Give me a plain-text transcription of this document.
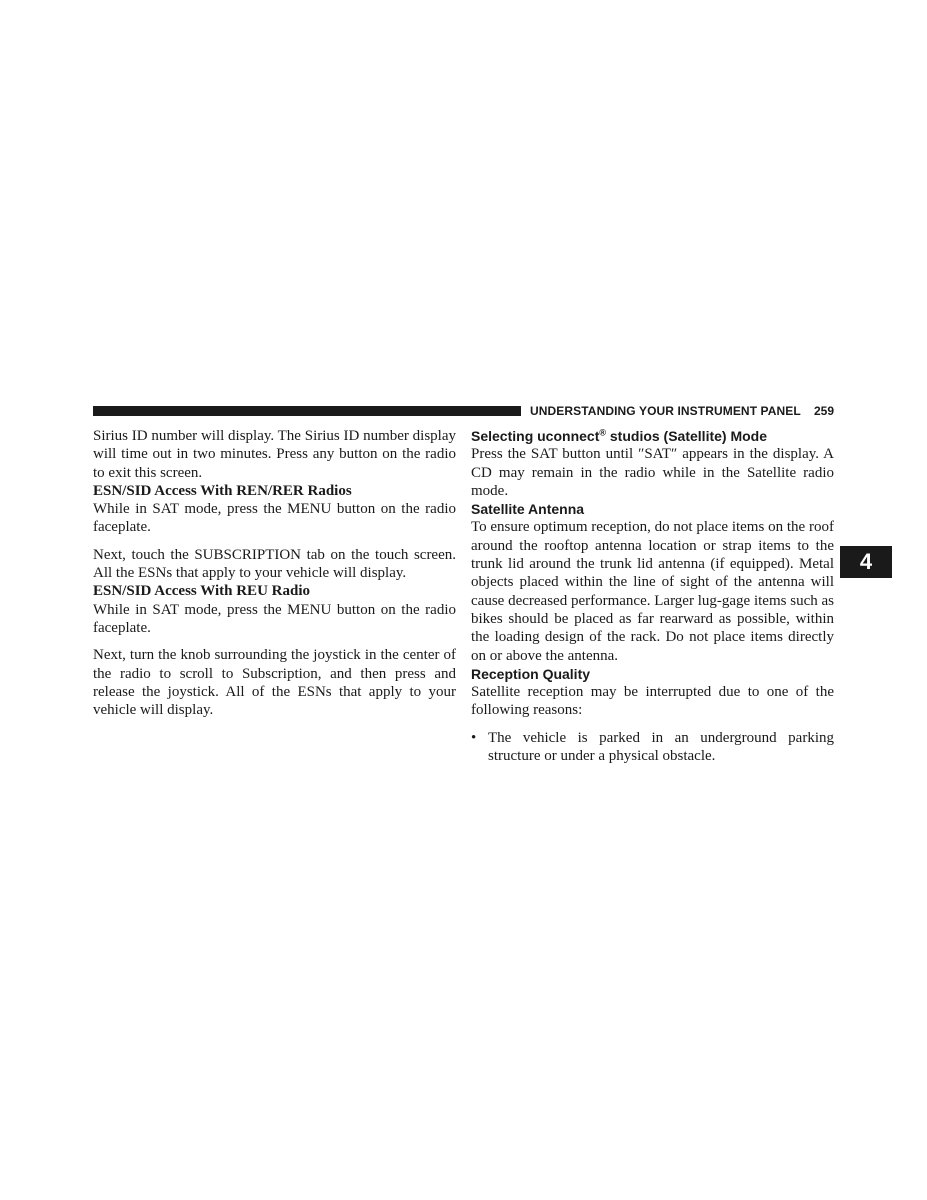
UNDERSTANDING YOUR INSTRUMENT PANEL 259
4

Sirius ID number will display. The Sirius ID number display will time out in two minutes. Press any button on the radio to exit this screen.

ESN/SID Access With REN/RER Radios

While in SAT mode, press the MENU button on the radio faceplate.

Next, touch the SUBSCRIPTION tab on the touch screen. All the ESNs that apply to your vehicle will display.

ESN/SID Access With REU Radio

While in SAT mode, press the MENU button on the radio faceplate.

Next, turn the knob surrounding the joystick in the center of the radio to scroll to Subscription, and then press and release the joystick. All of the ESNs that apply to your vehicle will display.

Selecting uconnect® studios (Satellite) Mode

Press the SAT button until ″SAT″ appears in the display. A CD may remain in the radio while in the Satellite radio mode.

Satellite Antenna

To ensure optimum reception, do not place items on the roof around the rooftop antenna location or strap items to the trunk lid around the trunk lid antenna (if equipped). Metal objects placed within the line of sight of the antenna will cause decreased performance. Larger lug-gage items such as bikes should be placed as far rearward as possible, within the loading design of the rack. Do not place items directly on or above the antenna.

Reception Quality

Satellite reception may be interrupted due to one of the following reasons:

• The vehicle is parked in an underground parking structure or under a physical obstacle.
